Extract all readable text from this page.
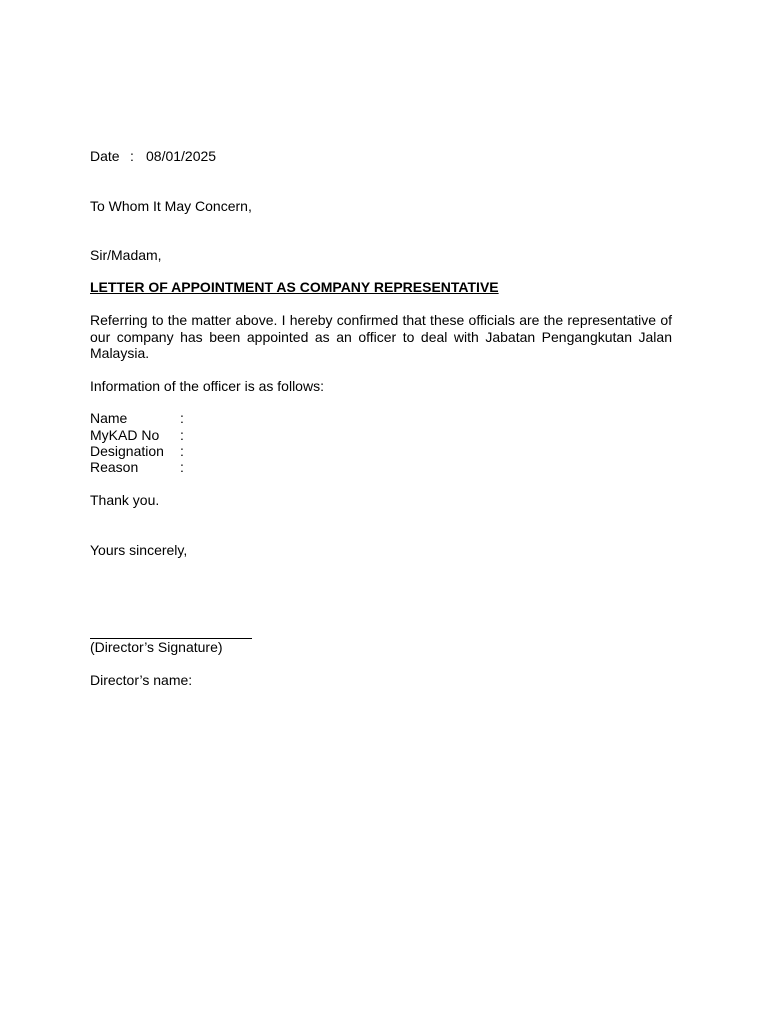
Date : 08/01/2025
To Whom It May Concern,
Sir/Madam,
LETTER OF APPOINTMENT AS COMPANY REPRESENTATIVE
Referring to the matter above. I hereby confirmed that these officials are the representative of our company has been appointed as an officer to deal with Jabatan Pengangkutan Jalan Malaysia.
Information of the officer is as follows:
Name	:
MyKAD No :
Designation :
Reason	:
Thank you.
Yours sincerely,
(Director’s Signature)
Director’s name:
